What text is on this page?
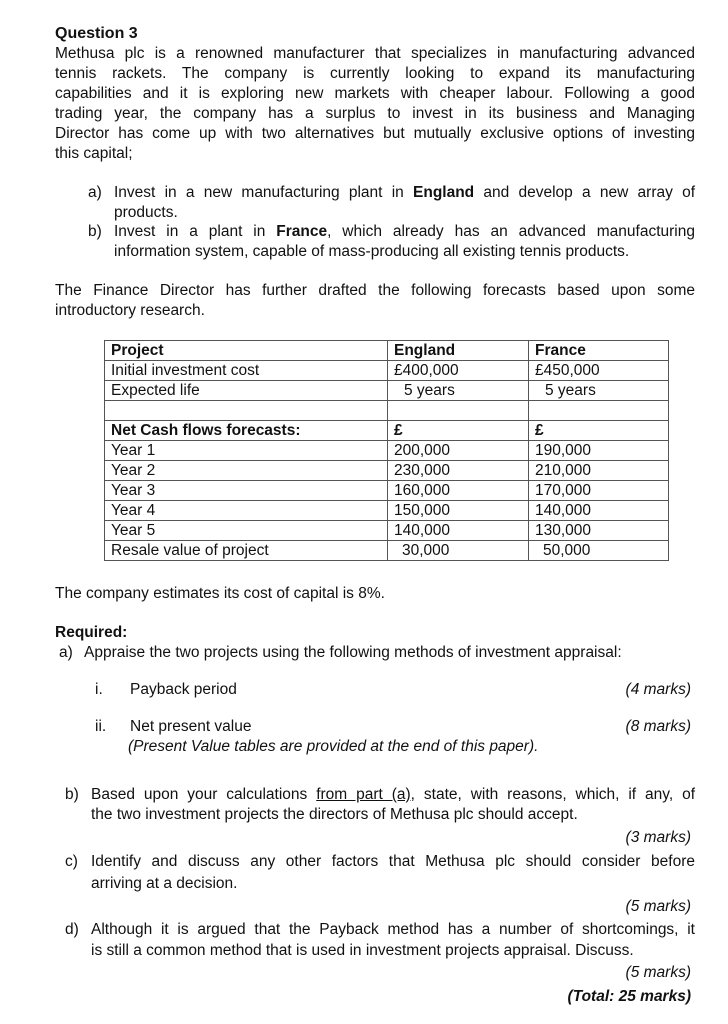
Question 3
Methusa plc is a renowned manufacturer that specializes in manufacturing advanced
tennis rackets. The company is currently looking to expand its manufacturing
capabilities and it is exploring new markets with cheaper labour. Following a good
trading year, the company has a surplus to invest in its business and Managing
Director has come up with two alternatives but mutually exclusive options of investing
this capital;
a) Invest in a new manufacturing plant in England and develop a new array of
products.
b) Invest in a plant in France, which already has an advanced manufacturing
information system, capable of mass-producing all existing tennis products.
The Finance Director has further drafted the following forecasts based upon some
introductory research.
Project	England	France
Initial investment cost	£400,000	£450,000
Expected life	5 years	5 years

Net Cash flows forecasts:	£	£
Year 1	200,000	190,000
Year 2	230,000	210,000
Year 3	160,000	170,000
Year 4	150,000	140,000
Year 5	140,000	130,000
Resale value of project	30,000	50,000
The company estimates its cost of capital is 8%.
Required:
a) Appraise the two projects using the following methods of investment appraisal:
i. Payback period	(4 marks)
ii. Net present value	(8 marks)
(Present Value tables are provided at the end of this paper).
b) Based upon your calculations from part (a), state, with reasons, which, if any, of
the two investment projects the directors of Methusa plc should accept.
(3 marks)
c) Identify and discuss any other factors that Methusa plc should consider before
arriving at a decision.
(5 marks)
d) Although it is argued that the Payback method has a number of shortcomings, it
is still a common method that is used in investment projects appraisal. Discuss.
(5 marks)
(Total: 25 marks)
